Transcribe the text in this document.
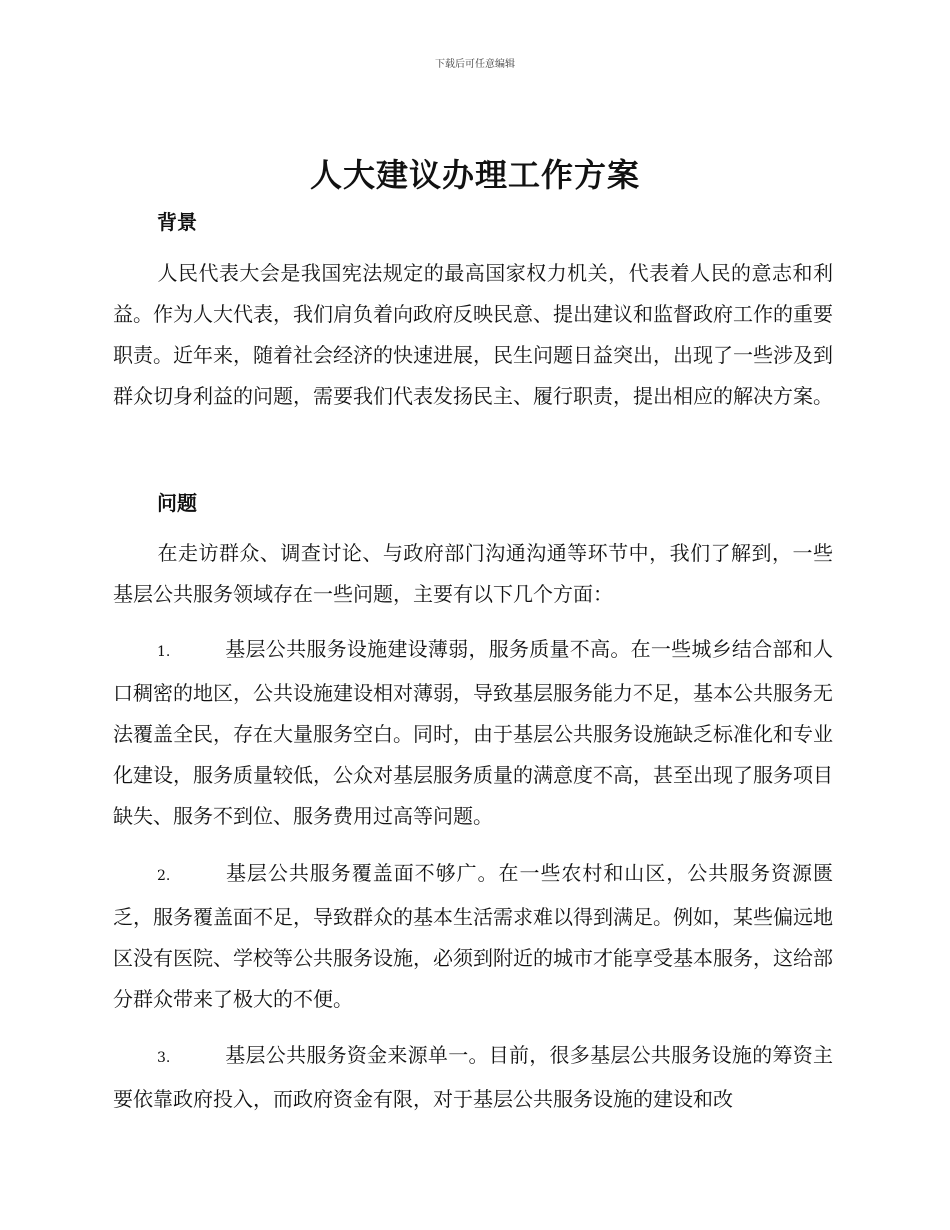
下载后可任意编辑
人大建议办理工作方案
背景

人民代表大会是我国宪法规定的最高国家权力机关，代表着人民的意志和利益。作为人大代表，我们肩负着向政府反映民意、提出建议和监督政府工作的重要职责。近年来，随着社会经济的快速进展，民生问题日益突出，出现了一些涉及到群众切身利益的问题，需要我们代表发扬民主、履行职责，提出相应的解决方案。

问题

在走访群众、调查讨论、与政府部门沟通沟通等环节中，我们了解到，一些基层公共服务领域存在一些问题，主要有以下几个方面：

1.	基层公共服务设施建设薄弱，服务质量不高。在一些城乡结合部和人口稠密的地区，公共设施建设相对薄弱，导致基层服务能力不足，基本公共服务无法覆盖全民，存在大量服务空白。同时，由于基层公共服务设施缺乏标准化和专业化建设，服务质量较低，公众对基层服务质量的满意度不高，甚至出现了服务项目缺失、服务不到位、服务费用过高等问题。

2.	基层公共服务覆盖面不够广。在一些农村和山区，公共服务资源匮乏，服务覆盖面不足，导致群众的基本生活需求难以得到满足。例如，某些偏远地区没有医院、学校等公共服务设施，必须到附近的城市才能享受基本服务，这给部分群众带来了极大的不便。

3.	基层公共服务资金来源单一。目前，很多基层公共服务设施的筹资主要依靠政府投入，而政府资金有限，对于基层公共服务设施的建设和改
